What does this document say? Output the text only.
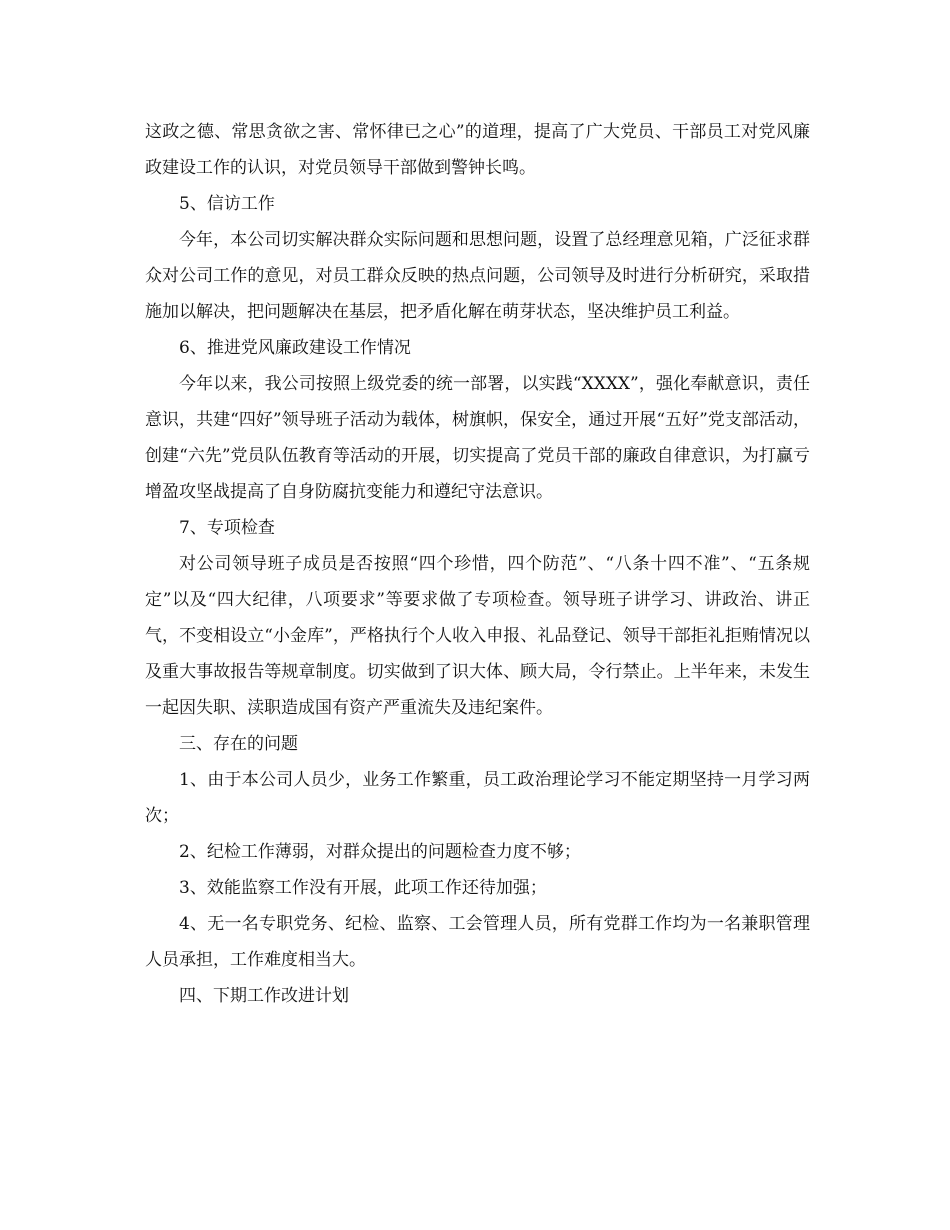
这政之德、常思贪欲之害、常怀律已之心”的道理，提高了广大党员、干部员工对党风廉政建设工作的认识，对党员领导干部做到警钟长鸣。

5、信访工作

今年，本公司切实解决群众实际问题和思想问题，设置了总经理意见箱，广泛征求群众对公司工作的意见，对员工群众反映的热点问题，公司领导及时进行分析研究，采取措施加以解决，把问题解决在基层，把矛盾化解在萌芽状态，坚决维护员工利益。

6、推进党风廉政建设工作情况

今年以来，我公司按照上级党委的统一部署，以实践“XXXX”，强化奉献意识，责任意识，共建“四好”领导班子活动为载体，树旗帜，保安全，通过开展“五好”党支部活动，创建“六先”党员队伍教育等活动的开展，切实提高了党员干部的廉政自律意识，为打赢亏增盈攻坚战提高了自身防腐抗变能力和遵纪守法意识。

7、专项检查

对公司领导班子成员是否按照“四个珍惜，四个防范”、“八条十四不准”、“五条规定”以及“四大纪律，八项要求”等要求做了专项检查。领导班子讲学习、讲政治、讲正气，不变相设立“小金库”，严格执行个人收入申报、礼品登记、领导干部拒礼拒贿情况以及重大事故报告等规章制度。切实做到了识大体、顾大局，令行禁止。上半年来，未发生一起因失职、渎职造成国有资产严重流失及违纪案件。

三、存在的问题

1、由于本公司人员少，业务工作繁重，员工政治理论学习不能定期坚持一月学习两次；

2、纪检工作薄弱，对群众提出的问题检查力度不够；

3、效能监察工作没有开展，此项工作还待加强；

4、无一名专职党务、纪检、监察、工会管理人员，所有党群工作均为一名兼职管理人员承担，工作难度相当大。

四、下期工作改进计划
